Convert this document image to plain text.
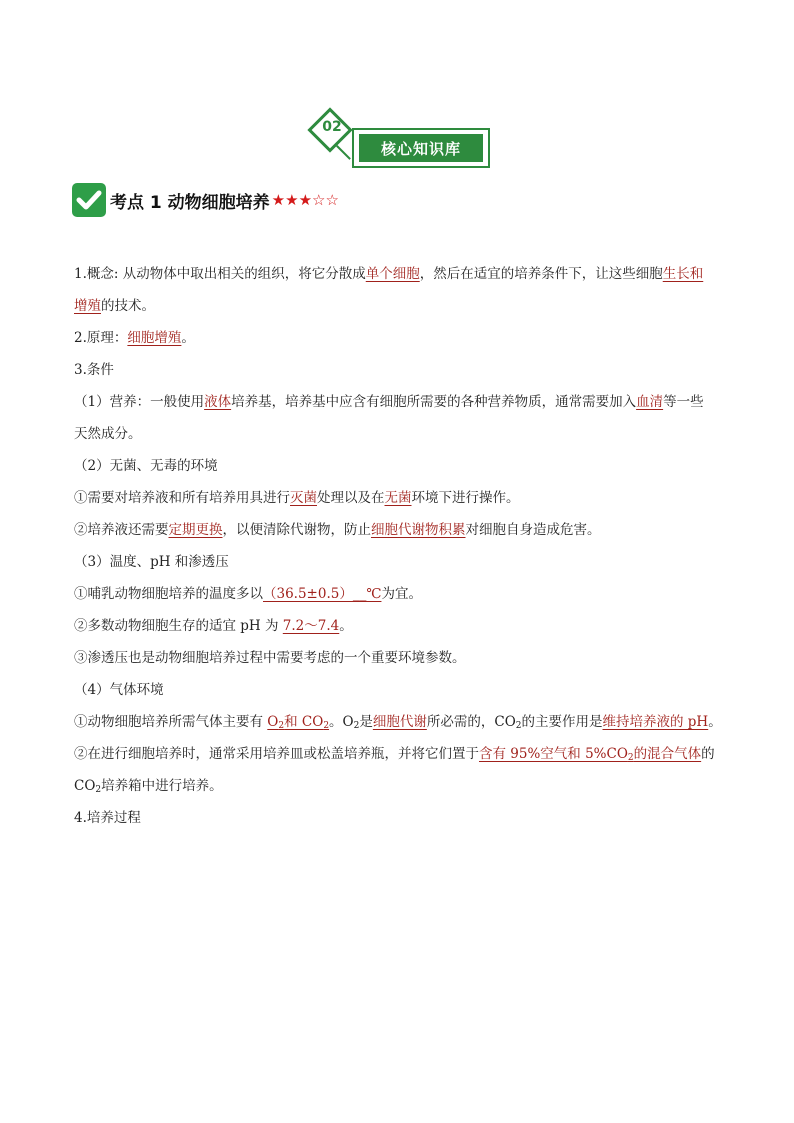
02
核心知识库
考点 1 动物细胞培养 ★★★☆☆
1.概念: 从动物体中取出相关的组织，将它分散成单个细胞，然后在适宜的培养条件下，让这些细胞生长和
增殖的技术。
2.原理：细胞增殖。
3.条件
（1）营养：一般使用液体培养基，培养基中应含有细胞所需要的各种营养物质，通常需要加入血清等一些
天然成分。
（2）无菌、无毒的环境
①需要对培养液和所有培养用具进行灭菌处理以及在无菌环境下进行操作。
②培养液还需要定期更换，以便清除代谢物，防止细胞代谢物积累对细胞自身造成危害。
（3）温度、pH 和渗透压
①哺乳动物细胞培养的温度多以（36.5±0.5）__℃为宜。
②多数动物细胞生存的适宜 pH 为 7.2～7.4。
③渗透压也是动物细胞培养过程中需要考虑的一个重要环境参数。
（4）气体环境
①动物细胞培养所需气体主要有 $O_2$和 $CO_2$。$O_2$是细胞代谢所必需的，$CO_2$的主要作用是维持培养液的 pH。
②在进行细胞培养时，通常采用培养皿或松盖培养瓶，并将它们置于含有 95%空气和 $5\%CO_2$的混合气体的
$CO_2$培养箱中进行培养。
4.培养过程
